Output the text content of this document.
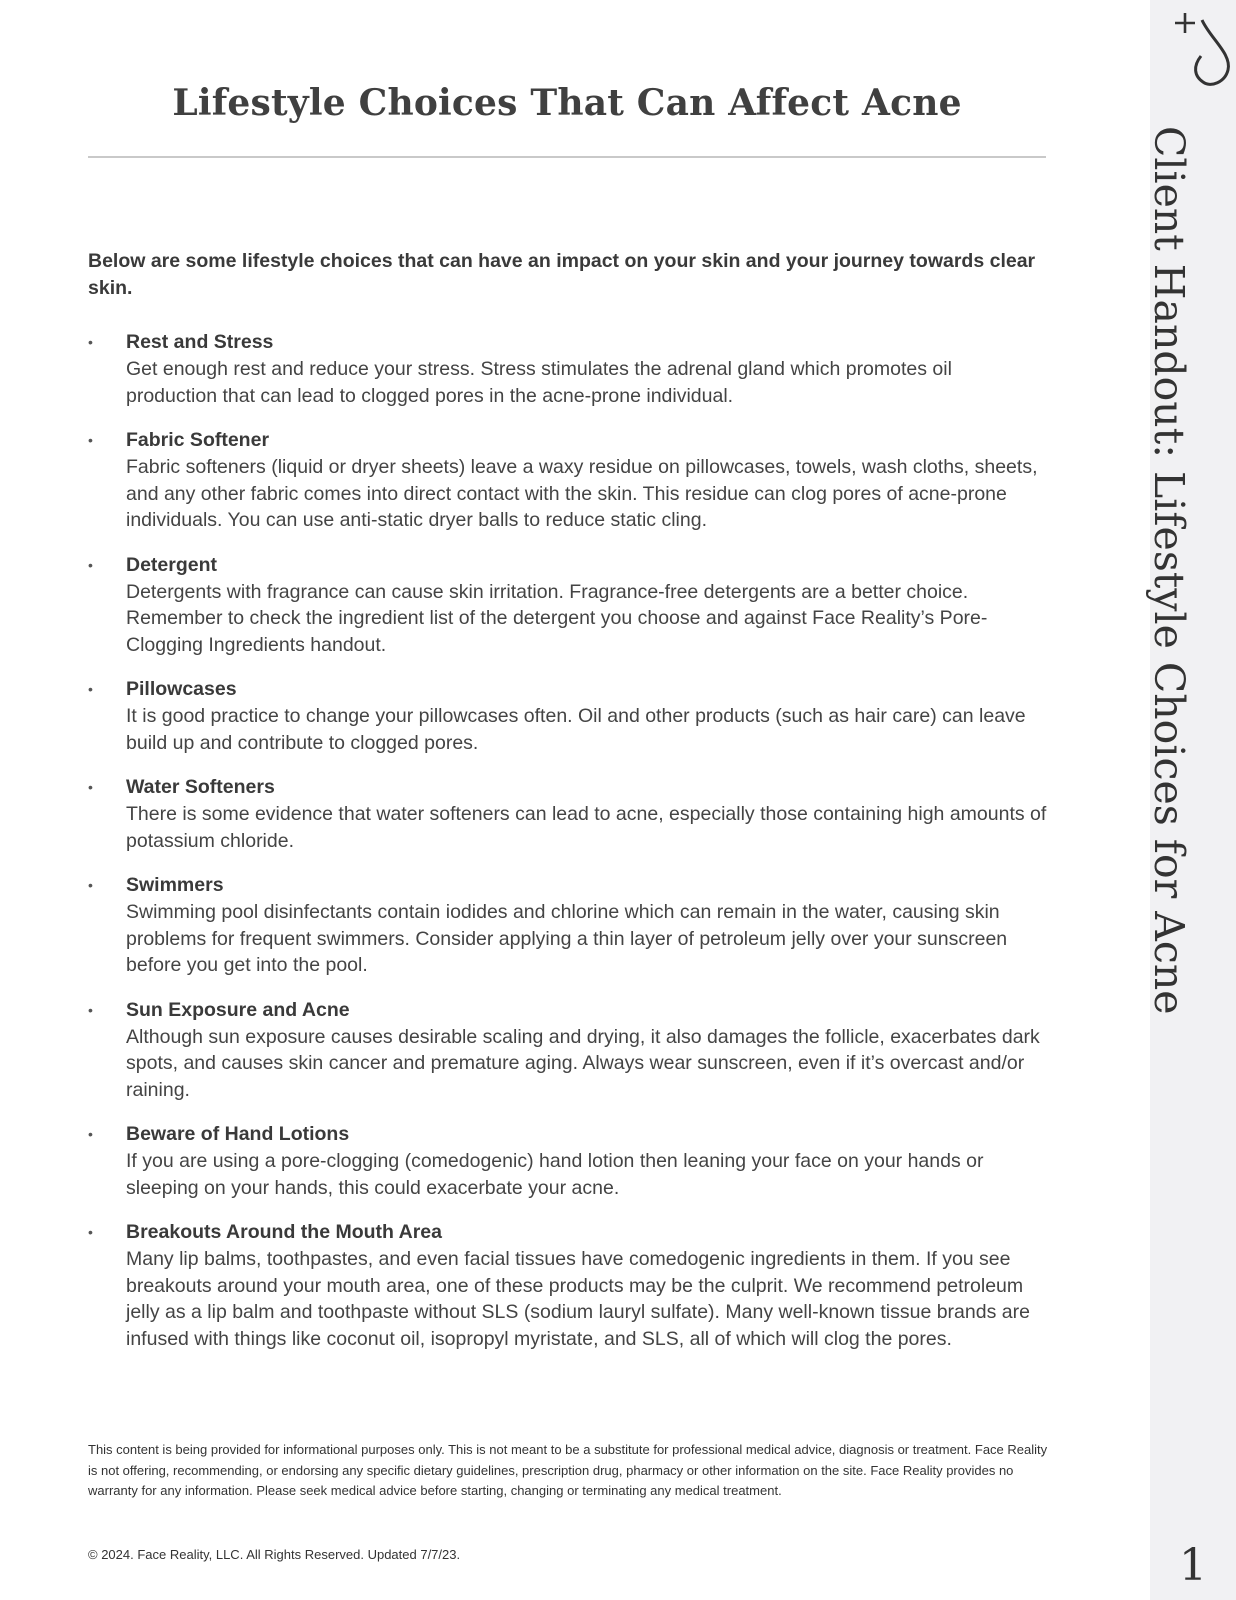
Lifestyle Choices That Can Affect Acne

Below are some lifestyle choices that can have an impact on your skin and your journey towards clear skin.

• Rest and Stress
Get enough rest and reduce your stress. Stress stimulates the adrenal gland which promotes oil production that can lead to clogged pores in the acne-prone individual.
• Fabric Softener
Fabric softeners (liquid or dryer sheets) leave a waxy residue on pillowcases, towels, wash cloths, sheets, and any other fabric comes into direct contact with the skin. This residue can clog pores of acne-prone individuals. You can use anti-static dryer balls to reduce static cling.
• Detergent
Detergents with fragrance can cause skin irritation. Fragrance-free detergents are a better choice. Remember to check the ingredient list of the detergent you choose and against Face Reality’s Pore-Clogging Ingredients handout.
• Pillowcases
It is good practice to change your pillowcases often. Oil and other products (such as hair care) can leave build up and contribute to clogged pores.
• Water Softeners
There is some evidence that water softeners can lead to acne, especially those containing high amounts of potassium chloride.
• Swimmers
Swimming pool disinfectants contain iodides and chlorine which can remain in the water, causing skin problems for frequent swimmers. Consider applying a thin layer of petroleum jelly over your sunscreen before you get into the pool.
• Sun Exposure and Acne
Although sun exposure causes desirable scaling and drying, it also damages the follicle, exacerbates dark spots, and causes skin cancer and premature aging. Always wear sunscreen, even if it’s overcast and/or raining.
• Beware of Hand Lotions
If you are using a pore-clogging (comedogenic) hand lotion then leaning your face on your hands or sleeping on your hands, this could exacerbate your acne.
• Breakouts Around the Mouth Area
Many lip balms, toothpastes, and even facial tissues have comedogenic ingredients in them. If you see breakouts around your mouth area, one of these products may be the culprit. We recommend petroleum jelly as a lip balm and toothpaste without SLS (sodium lauryl sulfate). Many well-known tissue brands are infused with things like coconut oil, isopropyl myristate, and SLS, all of which will clog the pores.

This content is being provided for informational purposes only. This is not meant to be a substitute for professional medical advice, diagnosis or treatment. Face Reality is not offering, recommending, or endorsing any specific dietary guidelines, prescription drug, pharmacy or other information on the site. Face Reality provides no warranty for any information. Please seek medical advice before starting, changing or terminating any medical treatment.

© 2024. Face Reality, LLC. All Rights Reserved. Updated 7/7/23.

Client Handout: Lifestyle Choices for Acne

1
